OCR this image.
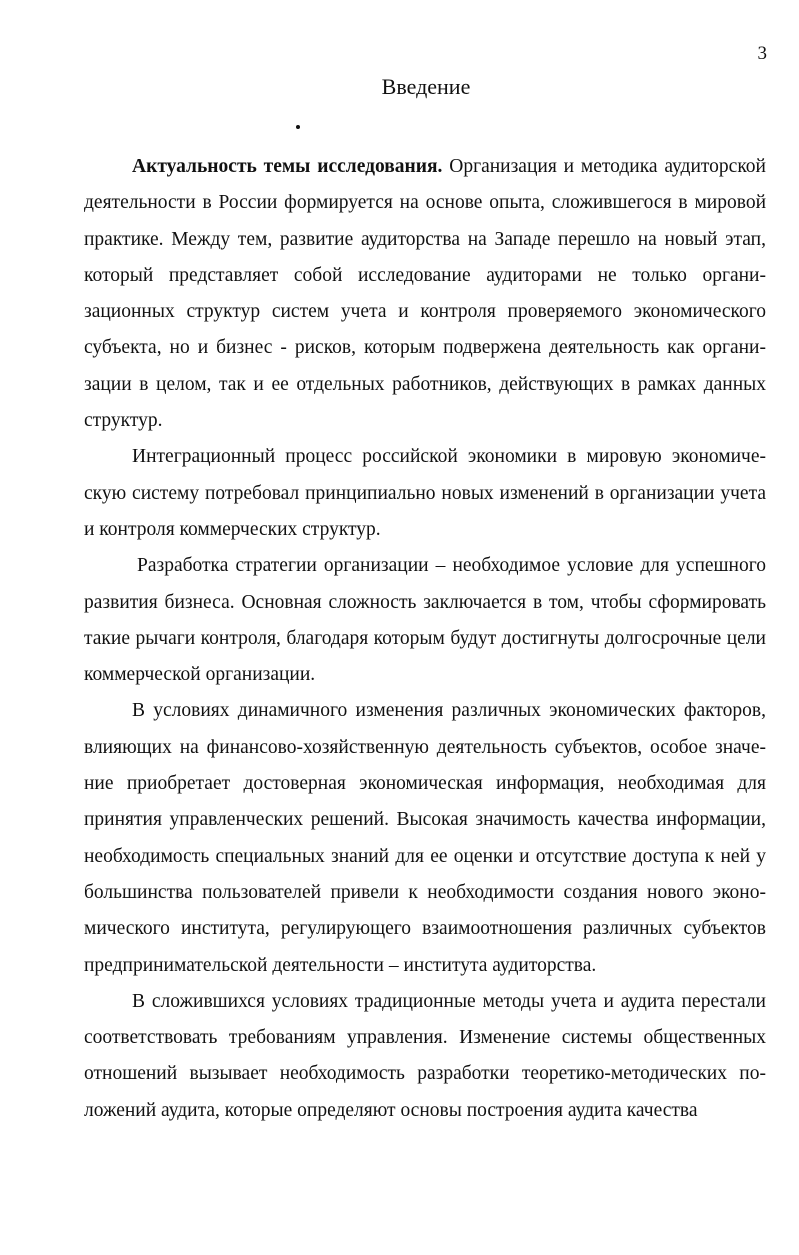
3
Введение

Актуальность темы исследования. Организация и методика аудиторской деятельности в России формируется на основе опыта, сложившегося в мировой практике. Между тем, развитие аудиторства на Западе перешло на новый этап, который представляет собой исследование аудиторами не только организационных структур систем учета и контроля проверяемого экономического субъекта, но и бизнес - рисков, которым подвержена деятельность как организации в целом, так и ее отдельных работников, действующих в рамках данных структур.

Интеграционный процесс российской экономики в мировую экономическую систему потребовал принципиально новых изменений в организации учета и контроля коммерческих структур.

Разработка стратегии организации – необходимое условие для успешного развития бизнеса. Основная сложность заключается в том, чтобы сформировать такие рычаги контроля, благодаря которым будут достигнуты долгосрочные цели коммерческой организации.

В условиях динамичного изменения различных экономических факторов, влияющих на финансово-хозяйственную деятельность субъектов, особое значение приобретает достоверная экономическая информация, необходимая для принятия управленческих решений. Высокая значимость качества информации, необходимость специальных знаний для ее оценки и отсутствие доступа к ней у большинства пользователей привели к необходимости создания нового экономического института, регулирующего взаимоотношения различных субъектов предпринимательской деятельности – института аудиторства.

В сложившихся условиях традиционные методы учета и аудита перестали соответствовать требованиям управления. Изменение системы общественных отношений вызывает необходимость разработки теоретико-методических положений аудита, которые определяют основы построения аудита качества
